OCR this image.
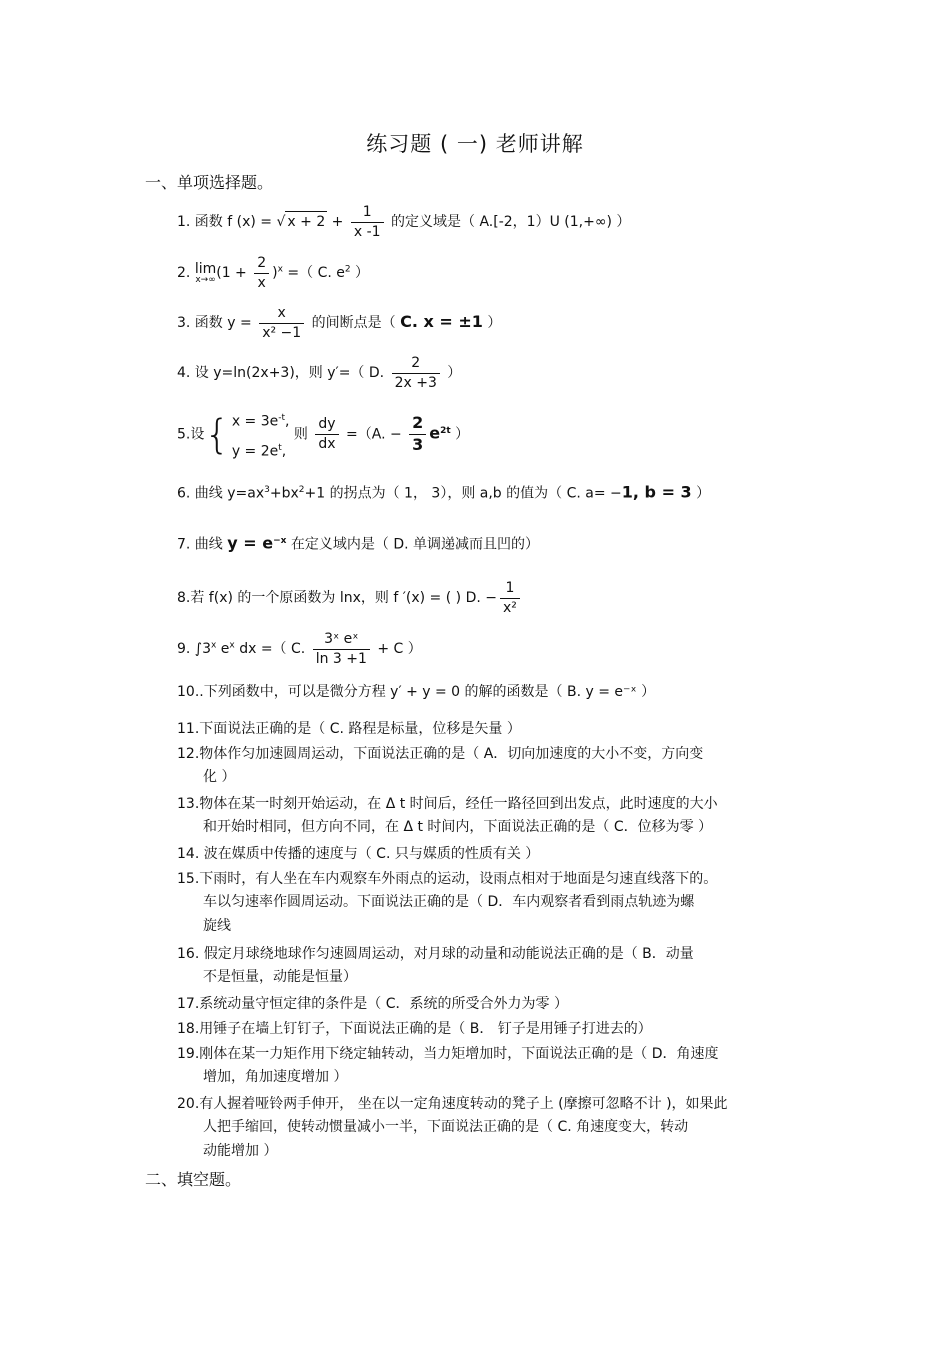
练习题 ( 一) 老师讲解
一、单项选择题。
1. 函数 f (x) = √ $x + 2 + \frac{1}{x -1}$ 的定义域是（ A.[-2，1）U (1,+∞) ）
2. lim
x→∞ $(1 + \frac{2}{x} )^x$ =（ C. $e^2$ ）
3. 函数 $y = \frac{x}{\text{x² −1}}$ 的间断点是（ C. x = ±1 ）
4. 设 y=ln(2x+3)，则 y′=（ D. $\frac{2}{2x +3}$ ）
5.设{ $x = 3e^{-t}$,
$y = 2e^t$, 则 $\frac{dy}{dx} =(A$. − $\frac{2}{3} e^{2t}$ ）
6. 曲线 $y=ax^3+bx^2+1$ 的拐点为（ 1， 3），则 a,b 的值为（ C. a= −1, b = 3 ）
7. 曲线 $y = e^{-x}$ 在定义域内是（ D. 单调递减而且凹的）
8.若 f(x) 的一个原函数为 lnx，则 f ′(x) = ( ) D. − $\frac{1}{\text{x²}}$
9. ∫3$^x$ $e^x$ dx =（ C. $\frac{\text{3ˣ eˣ}}{\ln 3 +1} + C$ ）
10..下列函数中，可以是微分方程 y′ + y = 0 的解的函数是（ B. y = e⁻ˣ ）
11.下面说法正确的是（ C. 路程是标量，位移是矢量 ）
12.物体作匀加速圆周运动，下面说法正确的是（ A．切向加速度的大小不变，方向变
化 ）
13.物体在某一时刻开始运动，在 Δ t 时间后，经任一路径回到出发点，此时速度的大小
和开始时相同，但方向不同，在 Δ t 时间内，下面说法正确的是（ C．位移为零 ）
14. 波在媒质中传播的速度与（ C. 只与媒质的性质有关 ）
15.下雨时，有人坐在车内观察车外雨点的运动，设雨点相对于地面是匀速直线落下的。
车以匀速率作圆周运动。下面说法正确的是（ D．车内观察者看到雨点轨迹为螺
旋线
16. 假定月球绕地球作匀速圆周运动，对月球的动量和动能说法正确的是（ B．动量
不是恒量，动能是恒量）
17.系统动量守恒定律的条件是（ C．系统的所受合外力为零 ）
18.用锤子在墙上钉钉子，下面说法正确的是（ B． 钉子是用锤子打进去的）
19.刚体在某一力矩作用下绕定轴转动，当力矩增加时，下面说法正确的是（ D．角速度
增加，角加速度增加 ）
20.有人握着哑铃两手伸开， 坐在以一定角速度转动的凳子上 (摩擦可忽略不计 )，如果此
人把手缩回，使转动惯量减小一半，下面说法正确的是（ C. 角速度变大，转动
动能增加 ）
二、填空题。
